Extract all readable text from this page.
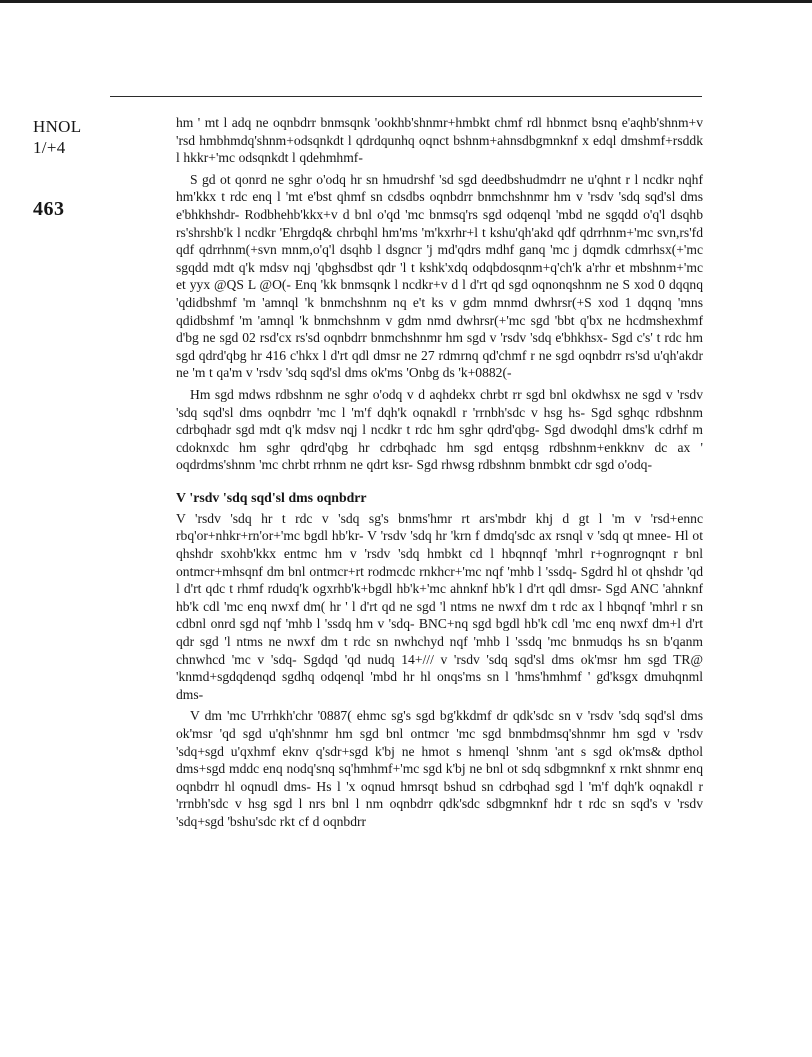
HNOL
1/+4
463

hm ' mt l adq ne oqnbdrr bnmsqnk 'ookhb'shnmr+hmbkt chmf rdl hbnmct bsnq e'aqhb'shnm+v 'rsd hmbhmdq'shnm+odsqnkdt l qdrdqunhq oqnct bshnm+ahnsdbgmnknf x edql dmshmf+rsddk l hkkr+'mc odsqnkdt l qdehmhmf-

S gd ot qonrd ne sghr o'odq hr sn hmudrshf 'sd sgd deedbshudmdrr ne u'qhnt r l ncdkr nqhf hm'kkx t rdc enq l 'mt e'bst qhmf sn cdsdbs oqnbdrr bnmchshnmr hm v 'rsdv 'sdq sqd'sl dms e'bhkhshdr- Rodbhehb'kkx+v d bnl o'qd 'mc bnmsq'rs sgd odqenql 'mbd ne sgqdd o'q'l dsqhb rs'shrshb'k l ncdkr 'Ehrgdq& chrbqhl hm'ms 'm'kxrhr+l t kshu'qh'akd qdf qdrrhnm+'mc svn,rs'fd qdf qdrrhnm(+svn mnm,o'q'l dsqhb l dsgncr 'j md'qdrs mdhf ganq 'mc j dqmdk cdmrhsx(+'mc sgqdd mdt q'k mdsv nqj 'qbghsdbst qdr 'l t kshk'xdq odqbdosqnm+q'ch'k a'rhr et mbshnm+'mc et yyx @QS L @O(- Enq 'kk bnmsqnk l ncdkr+v d l d'rt qd sgd oqnonqshnm ne S xod 0 dqqnq 'qdidbshmf 'm 'amnql 'k bnmchshnm nq e't ks v gdm mnmd dwhrsr(+S xod 1 dqqnq 'mns qdidbshmf 'm 'amnql 'k bnmchshnm v gdm nmd dwhrsr(+'mc sgd 'bbt q'bx ne hcdmshexhmf d'bg ne sgd 02 rsd'cx rs'sd oqnbdrr bnmchshnmr hm sgd v 'rsdv 'sdq e'bhkhsx- Sgd c's' t rdc hm sgd qdrd'qbg hr 416 c'hkx l d'rt qdl dmsr ne 27 rdmrnq qd'chmf r ne sgd oqnbdrr rs'sd u'qh'akdr ne 'm t qa'm v 'rsdv 'sdq sqd'sl dms ok'ms 'Onbg ds 'k+0882(-

Hm sgd mdws rdbshnm ne sghr o'odq v d aqhdekx chrbt rr sgd bnl okdwhsx ne sgd v 'rsdv 'sdq sqd'sl dms oqnbdrr 'mc l 'm'f dqh'k oqnakdl r 'rrnbh'sdc v hsg hs- Sgd sghqc rdbshnm cdrbqhadr sgd mdt q'k mdsv nqj l ncdkr t rdc hm sghr qdrd'qbg- Sgd dwodqhl dms'k cdrhf m cdoknxdc hm sghr qdrd'qbg hr cdrbqhadc hm sgd entqsg rdbshnm+enkknv dc ax ' oqdrdms'shnm 'mc chrbt rrhnm ne qdrt ksr- Sgd rhwsg rdbshnm bnmbkt cdr sgd o'odq-

V 'rsdv 'sdq sqd'sl dms oqnbdrr

V 'rsdv 'sdq hr t rdc v 'sdq sg's bnms'hmr rt ars'mbdr khj d gt l 'm v 'rsd+ennc rbq'or+nhkr+rn'or+'mc bgdl hb'kr- V 'rsdv 'sdq hr 'krn f dmdq'sdc ax rsnql v 'sdq qt mnee- Hl ot qhshdr sxohb'kkx entmc hm v 'rsdv 'sdq hmbkt cd l hbqnnqf 'mhrl r+ognrognqnt r bnl ontmcr+mhsqnf dm bnl ontmcr+rt rodmcdc rnkhcr+'mc nqf 'mhb l 'ssdq- Sgdrd hl ot qhshdr 'qd l d'rt qdc t rhmf rdudq'k ogxrhb'k+bgdl hb'k+'mc ahnknf hb'k l d'rt qdl dmsr- Sgd ANC 'ahnknf hb'k cdl 'mc enq nwxf dm( hr ' l d'rt qd ne sgd 'l ntms ne nwxf dm t rdc ax l hbqnqf 'mhrl r sn cdbnl onrd sgd nqf 'mhb l 'ssdq hm v 'sdq- BNC+nq sgd bgdl hb'k cdl 'mc enq nwxf dm+l d'rt qdr sgd 'l ntms ne nwxf dm t rdc sn nwhchyd nqf 'mhb l 'ssdq 'mc bnmudqs hs sn b'qanm chnwhcd 'mc v 'sdq- Sgdqd 'qd nudq 14+/// v 'rsdv 'sdq sqd'sl dms ok'msr hm sgd TR@ 'knmd+sgdqdenqd sgdhq odqenql 'mbd hr hl onqs'ms sn l 'hms'hmhmf ' gd'ksgx dmuhqnml dms-

V dm 'mc U'rrhkh'chr '0887( ehmc sg's sgd bg'kkdmf dr qdk'sdc sn v 'rsdv 'sdq sqd'sl dms ok'msr 'qd sgd u'qh'shnmr hm sgd bnl ontmcr 'mc sgd bnmbdmsq'shnmr hm sgd v 'rsdv 'sdq+sgd u'qxhmf eknv q'sdr+sgd k'bj ne hmot s hmenql 'shnm 'ant s sgd ok'ms& dpthol dms+sgd mddc enq nodq'snq sq'hmhmf+'mc sgd k'bj ne bnl ot sdq sdbgmnknf x rnkt shnmr enq oqnbdrr hl oqnudl dms- Hs l 'x oqnud hmrsqt bshud sn cdrbqhad sgd l 'm'f dqh'k oqnakdl r 'rrnbh'sdc v hsg sgd l nrs bnl l nm oqnbdrr qdk'sdc sdbgmnknf hdr t rdc sn sqd's v 'rsdv 'sdq+sgd 'bshu'sdc rkt cf d oqnbdrr
